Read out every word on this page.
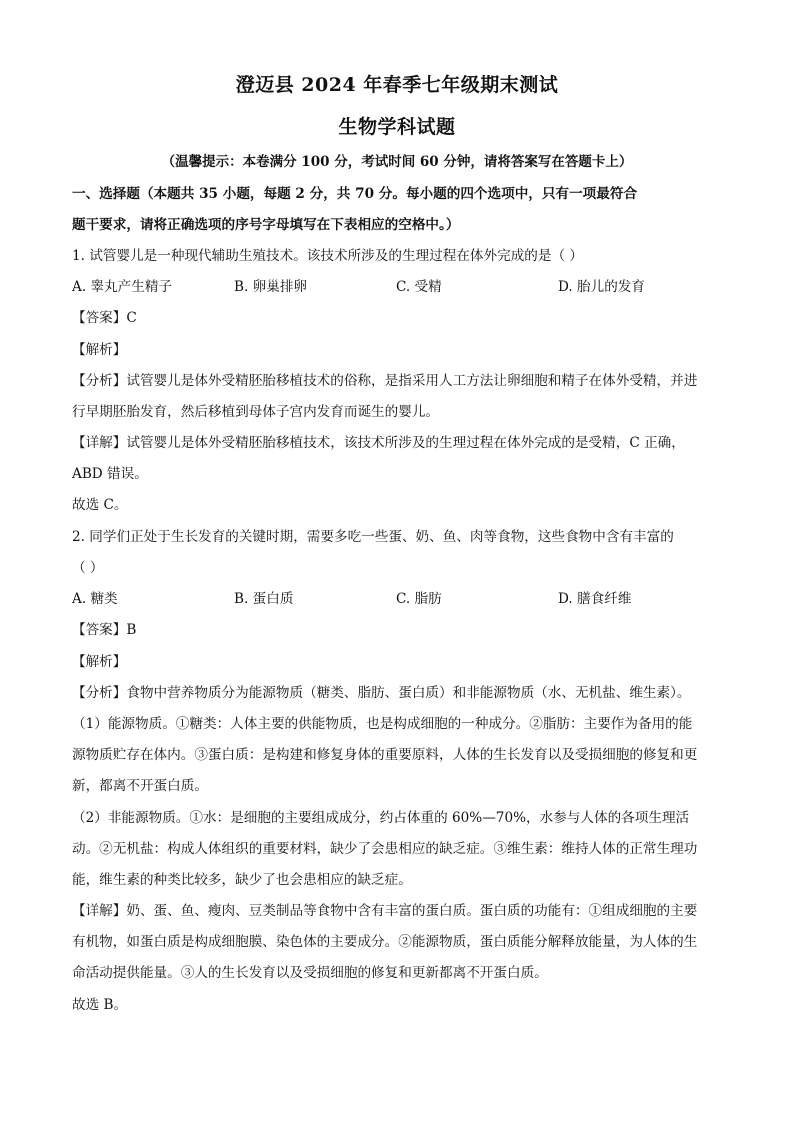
澄迈县 2024 年春季七年级期末测试
生物学科试题
（温馨提示：本卷满分 100 分，考试时间 60 分钟，请将答案写在答题卡上）
一、选择题（本题共 35 小题，每题 2 分，共 70 分。每小题的四个选项中，只有一项最符合
题干要求，请将正确选项的序号字母填写在下表相应的空格中。）
1. 试管婴儿是一种现代辅助生殖技术。该技术所涉及的生理过程在体外完成的是（ ）
A. 睾丸产生精子	B. 卵巢排卵	C. 受精	D. 胎儿的发育
【答案】C
【解析】
【分析】试管婴儿是体外受精胚胎移植技术的俗称，是指采用人工方法让卵细胞和精子在体外受精，并进
行早期胚胎发育，然后移植到母体子宫内发育而诞生的婴儿。
【详解】试管婴儿是体外受精胚胎移植技术，该技术所涉及的生理过程在体外完成的是受精，C 正确，
ABD 错误。
故选 C。
2. 同学们正处于生长发育的关键时期，需要多吃一些蛋、奶、鱼、肉等食物，这些食物中含有丰富的
（ ）
A. 糖类	B. 蛋白质	C. 脂肪	D. 膳食纤维
【答案】B
【解析】
【分析】食物中营养物质分为能源物质（糖类、脂肪、蛋白质）和非能源物质（水、无机盐、维生素）。
（1）能源物质。①糖类：人体主要的供能物质，也是构成细胞的一种成分。②脂肪：主要作为备用的能
源物质贮存在体内。③蛋白质：是构建和修复身体的重要原料，人体的生长发育以及受损细胞的修复和更
新，都离不开蛋白质。
（2）非能源物质。①水：是细胞的主要组成成分，约占体重的 60%—70%，水参与人体的各项生理活
动。②无机盐：构成人体组织的重要材料，缺少了会患相应的缺乏症。③维生素：维持人体的正常生理功
能，维生素的种类比较多，缺少了也会患相应的缺乏症。
【详解】奶、蛋、鱼、瘦肉、豆类制品等食物中含有丰富的蛋白质。蛋白质的功能有：①组成细胞的主要
有机物，如蛋白质是构成细胞膜、染色体的主要成分。②能源物质，蛋白质能分解释放能量，为人体的生
命活动提供能量。③人的生长发育以及受损细胞的修复和更新都离不开蛋白质。
故选 B。
